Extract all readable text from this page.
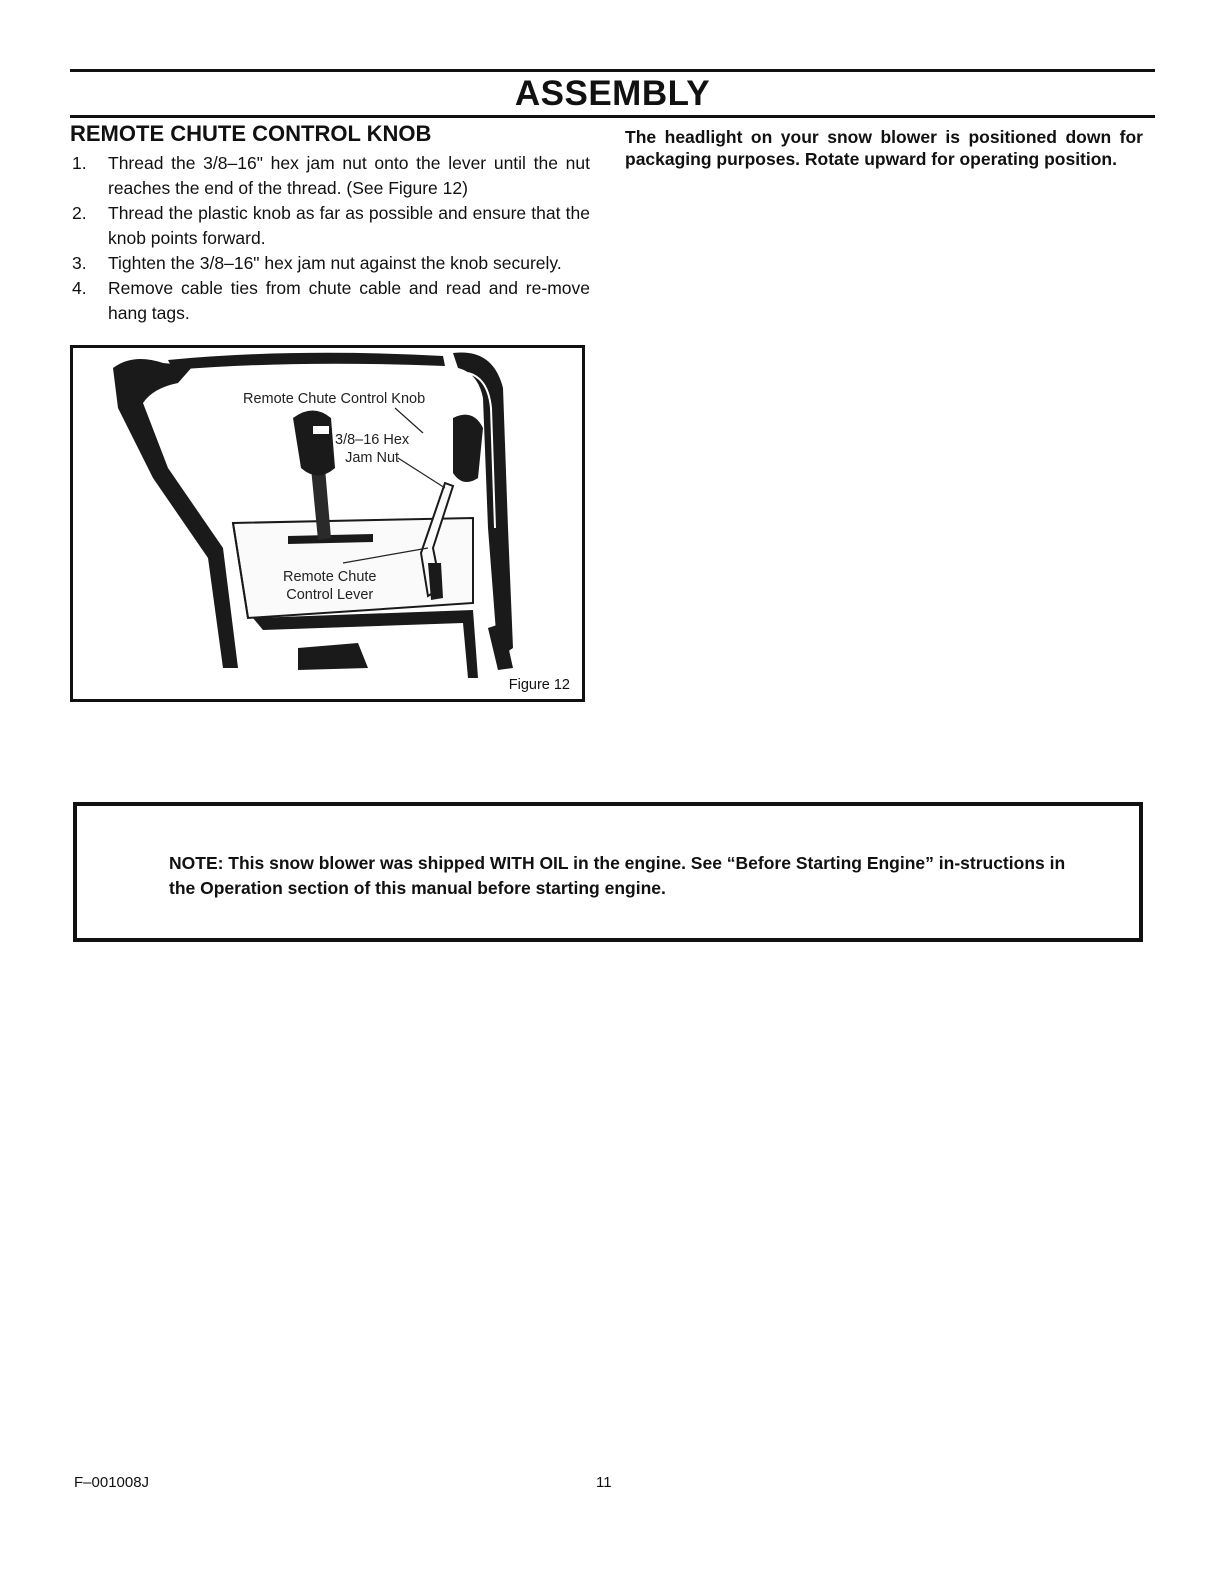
ASSEMBLY
REMOTE CHUTE CONTROL KNOB
1. Thread the 3/8–16" hex jam nut onto the lever until the nut reaches the end of the thread. (See Figure 12)
2. Thread the plastic knob as far as possible and ensure that the knob points forward.
3. Tighten the 3/8–16" hex jam nut against the knob securely.
4. Remove cable ties from chute cable and read and re-move hang tags.
Remote Chute Control Knob
3/8–16 Hex
Jam Nut
Remote Chute
Control Lever
Figure 12
The headlight on your snow blower is positioned down for packaging purposes. Rotate upward for operating position.
NOTE: This snow blower was shipped WITH OIL in the engine. See “Before Starting Engine” in-structions in the Operation section of this manual before starting engine.
F–001008J	11
